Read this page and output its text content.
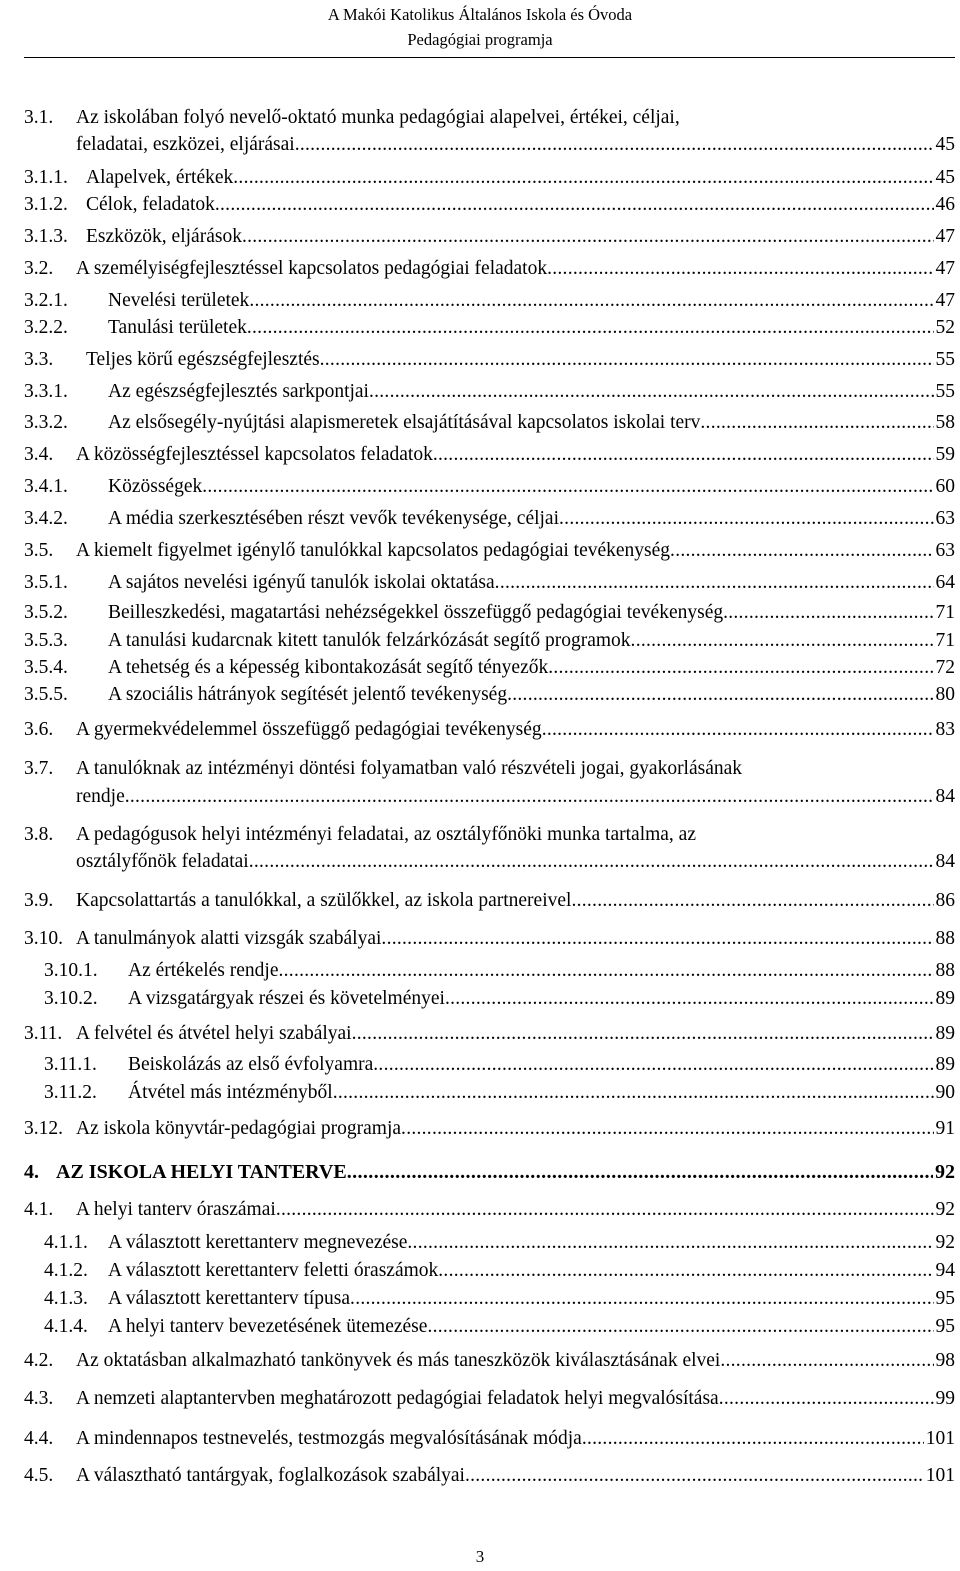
A Makói Katolikus Általános Iskola és Óvoda
Pedagógiai programja
3.1. Az iskolában folyó nevelő-oktató munka pedagógiai alapelvei, értékei, céljai,
feladatai, eszközei, eljárásai . . .	45
3.1.1. Alapelvek, értékek . . .	45
3.1.2. Célok, feladatok . . .	46
3.1.3. Eszközök, eljárások . . .	47
3.2. A személyiségfejlesztéssel kapcsolatos pedagógiai feladatok . . .	47
3.2.1. Nevelési területek . . .	47
3.2.2. Tanulási területek . . .	52
3.3. Teljes körű egészségfejlesztés . . .	55
3.3.1. Az egészségfejlesztés sarkpontjai . . .	55
3.3.2. Az elsősegély-nyújtási alapismeretek elsajátításával kapcsolatos iskolai terv . . .	58
3.4. A közösségfejlesztéssel kapcsolatos feladatok . . .	59
3.4.1. Közösségek . . .	60
3.4.2. A média szerkesztésében részt vevők tevékenysége, céljai . . .	63
3.5. A kiemelt figyelmet igénylő tanulókkal kapcsolatos pedagógiai tevékenység . . .	63
3.5.1. A sajátos nevelési igényű tanulók iskolai oktatása . . .	64
3.5.2. Beilleszkedési, magatartási nehézségekkel összefüggő pedagógiai tevékenység . . .	71
3.5.3. A tanulási kudarcnak kitett tanulók felzárkózását segítő programok . . .	71
3.5.4. A tehetség és a képesség kibontakozását segítő tényezők . . .	72
3.5.5. A szociális hátrányok segítését jelentő tevékenység . . .	80
3.6. A gyermekvédelemmel összefüggő pedagógiai tevékenység . . .	83
3.7. A tanulóknak az intézményi döntési folyamatban való részvételi jogai, gyakorlásának
rendje . . .	84
3.8. A pedagógusok helyi intézményi feladatai, az osztályfőnöki munka tartalma, az
osztályfőnök feladatai . . .	84
3.9. Kapcsolattartás a tanulókkal, a szülőkkel, az iskola partnereivel . . .	86
3.10. A tanulmányok alatti vizsgák szabályai . . .	88
3.10.1. Az értékelés rendje . . .	88
3.10.2. A vizsgatárgyak részei és követelményei . . .	89
3.11. A felvétel és átvétel helyi szabályai . . .	89
3.11.1. Beiskolázás az első évfolyamra . . .	89
3.11.2. Átvétel más intézményből . . .	90
3.12. Az iskola könyvtár-pedagógiai programja . . .	91
4. AZ ISKOLA HELYI TANTERVE . . .	92
4.1. A helyi tanterv óraszámai . . .	92
4.1.1. A választott kerettanterv megnevezése . . .	92
4.1.2. A választott kerettanterv feletti óraszámok . . .	94
4.1.3. A választott kerettanterv típusa . . .	95
4.1.4. A helyi tanterv bevezetésének ütemezése . . .	95
4.2. Az oktatásban alkalmazható tankönyvek és más taneszközök kiválasztásának elvei . . .	98
4.3. A nemzeti alaptantervben meghatározott pedagógiai feladatok helyi megvalósítása . . .	99
4.4. A mindennapos testnevelés, testmozgás megvalósításának módja . . .	101
4.5. A választható tantárgyak, foglalkozások szabályai . . .	101
3
